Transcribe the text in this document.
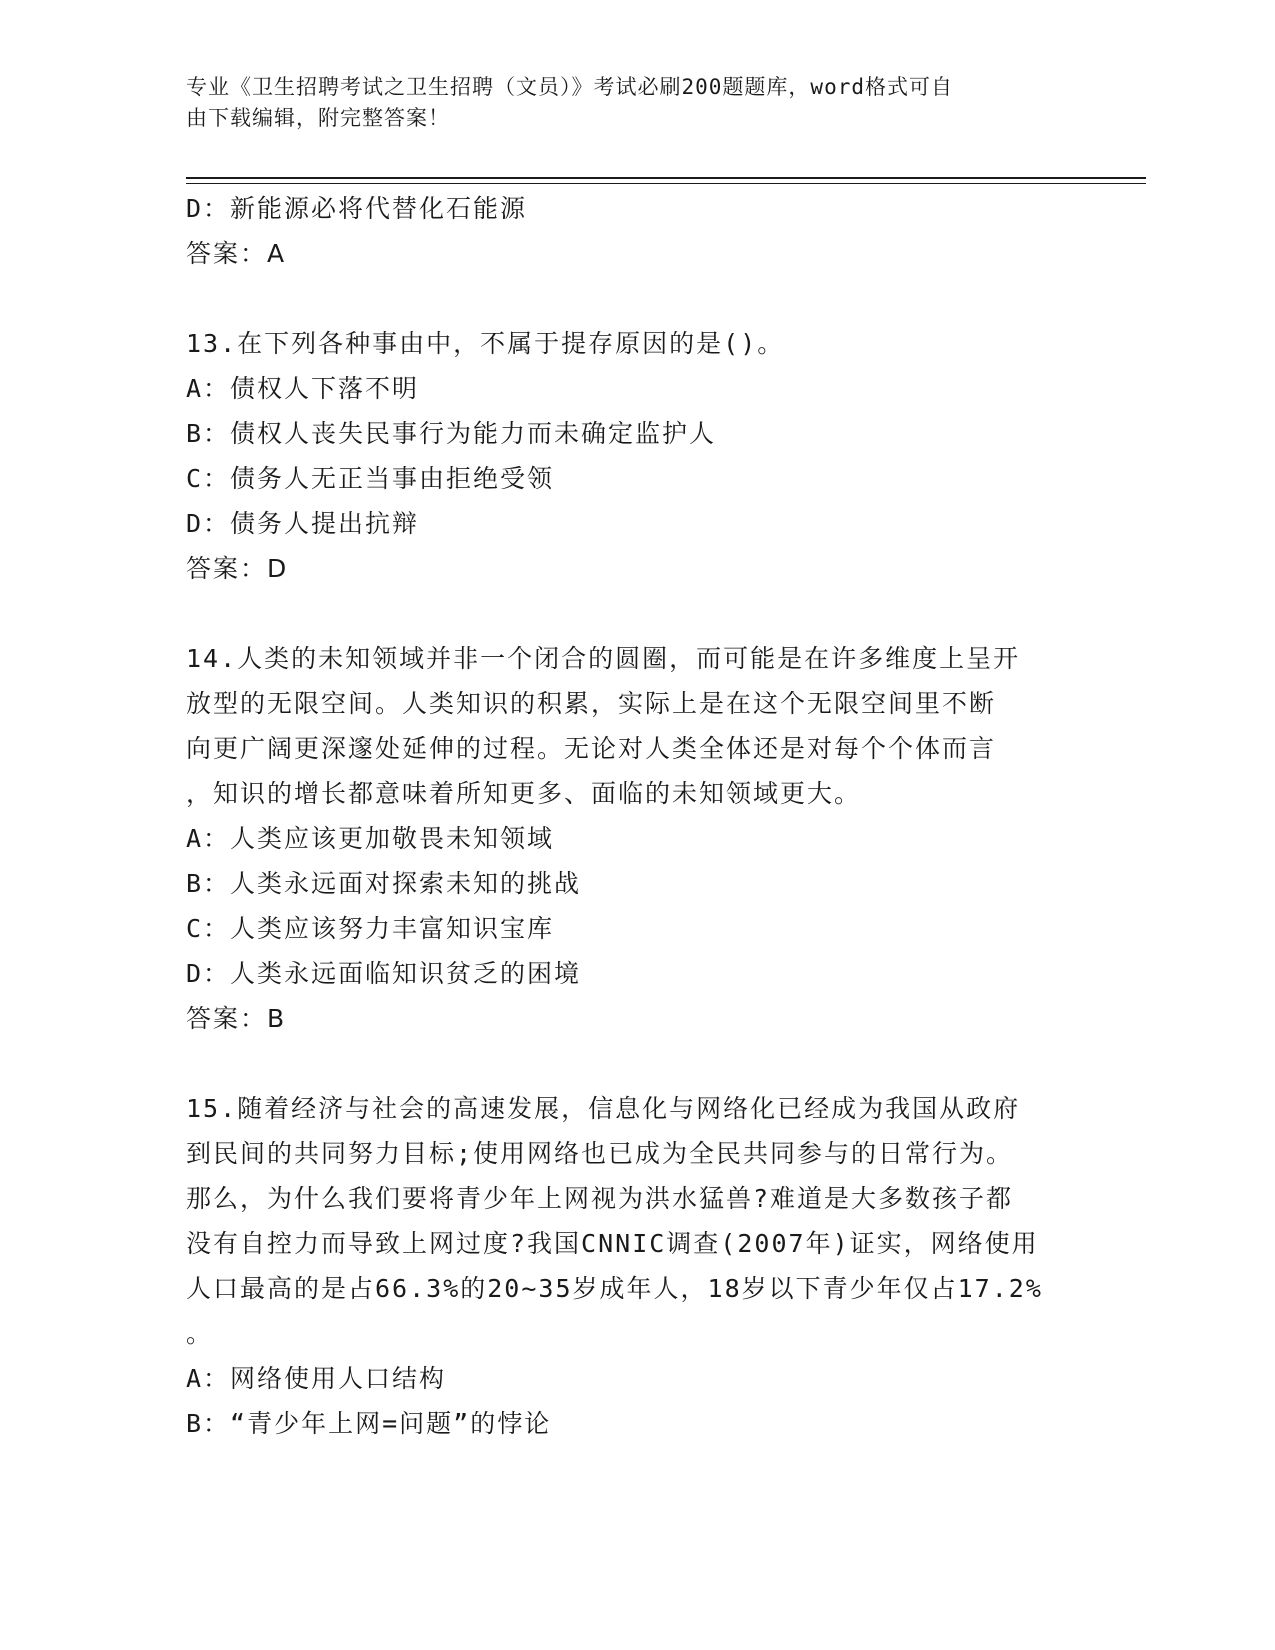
专业《卫生招聘考试之卫生招聘（文员）》考试必刷200题题库，word格式可自
由下载编辑，附完整答案！
D：新能源必将代替化石能源
答案：A
13.在下列各种事由中，不属于提存原因的是()。
A：债权人下落不明
B：债权人丧失民事行为能力而未确定监护人
C：债务人无正当事由拒绝受领
D：债务人提出抗辩
答案：D
14.人类的未知领域并非一个闭合的圆圈，而可能是在许多维度上呈开
放型的无限空间。人类知识的积累，实际上是在这个无限空间里不断
向更广阔更深邃处延伸的过程。无论对人类全体还是对每个个体而言
，知识的增长都意味着所知更多、面临的未知领域更大。
A：人类应该更加敬畏未知领域
B：人类永远面对探索未知的挑战
C：人类应该努力丰富知识宝库
D：人类永远面临知识贫乏的困境
答案：B
15.随着经济与社会的高速发展，信息化与网络化已经成为我国从政府
到民间的共同努力目标;使用网络也已成为全民共同参与的日常行为。
那么，为什么我们要将青少年上网视为洪水猛兽?难道是大多数孩子都
没有自控力而导致上网过度?我国CNNIC调查(2007年)证实，网络使用
人口最高的是占66.3%的20~35岁成年人，18岁以下青少年仅占17.2%
。
A：网络使用人口结构
B：“青少年上网=问题”的悖论
